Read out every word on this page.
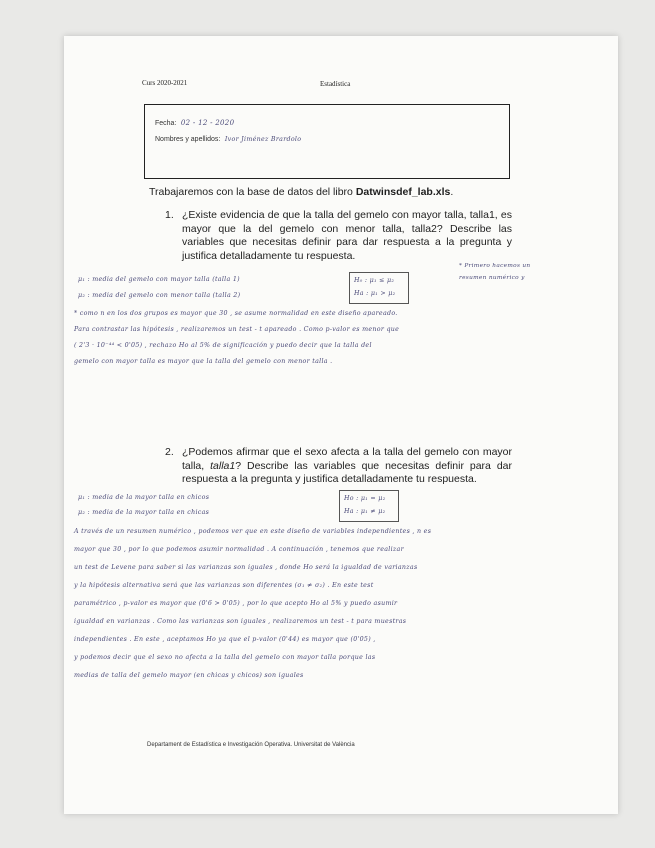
Curs 2020-2021	Estadística
Fecha: 02 - 12 - 2020
Nombres y apellidos: Ivor Jiménez Brardolo
Trabajaremos con la base de datos del libro Datwinsdef_lab.xls.
1. ¿Existe evidencia de que la talla del gemelo con mayor talla, talla1, es mayor que la del gemelo con menor talla, talla2? Describe las variables que necesitas definir para dar respuesta a la pregunta y justifica detalladamente tu respuesta.
μ₁ : media del gemelo con mayor talla (talla 1)
μ₂ : media del gemelo con menor talla (talla 2)
H₀ : μ₁ ≤ μ₂
Ha : μ₁ > μ₂
* Primero hacemos un
resumen numérico y
* como n en los dos grupos es mayor que 30 , se asume normalidad en este diseño apareado.
Para contrastar las hipótesis , realizaremos un test - t apareado . Como p-valor es menor que
( 2'3 · 10⁻⁴⁴ < 0'05) , rechazo Ho al 5% de significación y puedo decir que la talla del
gemelo con mayor talla es mayor que la talla del gemelo con menor talla .
2. ¿Podemos afirmar que el sexo afecta a la talla del gemelo con mayor talla, talla1? Describe las variables que necesitas definir para dar respuesta a la pregunta y justifica detalladamente tu respuesta.
μ₁ : media de la mayor talla en chicos
μ₂ : media de la mayor talla en chicas
Ho : μ₁ = μ₂
Ha : μ₁ ≠ μ₂
A través de un resumen numérico , podemos ver que en este diseño de variables independientes , n es
mayor que 30 , por lo que podemos asumir normalidad . A continuación , tenemos que realizar
un test de Levene para saber si las varianzas son iguales , donde Ho será la igualdad de varianzas
y la hipótesis alternativa será que las varianzas son diferentes (σ₁ ≠ σ₂) . En este test
paramétrico , p-valor es mayor que (0'6 > 0'05) , por lo que acepto Ho al 5% y puedo asumir
igualdad en varianzas . Como las varianzas son iguales , realizaremos un test - t para muestras
independientes . En este , aceptamos Ho ya que el p-valor (0'44) es mayor que (0'05) ,
y podemos decir que el sexo no afecta a la talla del gemelo con mayor talla porque las
medias de talla del gemelo mayor (en chicas y chicos) son iguales
Departament de Estadística e Investigación Operativa. Universitat de València
